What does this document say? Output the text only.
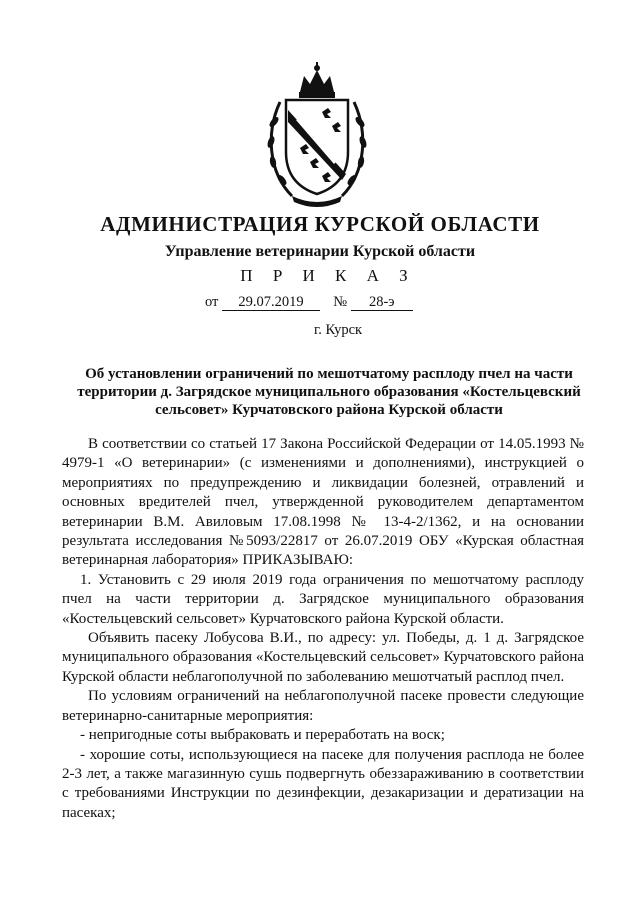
АДМИНИСТРАЦИЯ КУРСКОЙ ОБЛАСТИ
Управление ветеринарии Курской области
П Р И К А З
от 29.07.2019 № 28-э
г. Курск
Об установлении ограничений по мешотчатому расплоду пчел на части территории д. Загрядское муниципального образования «Костельцевский сельсовет» Курчатовского района Курской области

В соответствии со статьей 17 Закона Российской Федерации от 14.05.1993 № 4979-1 «О ветеринарии» (с изменениями и дополнениями), инструкцией о мероприятиях по предупреждению и ликвидации болезней, отравлений и основных вредителей пчел, утвержденной руководителем департаментом ветеринарии В.М. Авиловым 17.08.1998 № 13-4-2/1362, и на основании результата исследования №5093/22817 от 26.07.2019 ОБУ «Курская областная ветеринарная лаборатория» ПРИКАЗЫВАЮ:

1. Установить с 29 июля 2019 года ограничения по мешотчатому расплоду пчел на части территории д. Загрядское муниципального образования «Костельцевский сельсовет» Курчатовского района Курской области.

Объявить пасеку Лобусова В.И., по адресу: ул. Победы, д. 1 д. Загрядское муниципального образования «Костельцевский сельсовет» Курчатовского района Курской области неблагополучной по заболеванию мешотчатый расплод пчел.

По условиям ограничений на неблагополучной пасеке провести следующие ветеринарно-санитарные мероприятия:

- непригодные соты выбраковать и переработать на воск;

- хорошие соты, использующиеся на пасеке для получения расплода не более 2-3 лет, а также магазинную сушь подвергнуть обеззараживанию в соответствии с требованиями Инструкции по дезинфекции, дезакаризации и дератизации на пасеках;
